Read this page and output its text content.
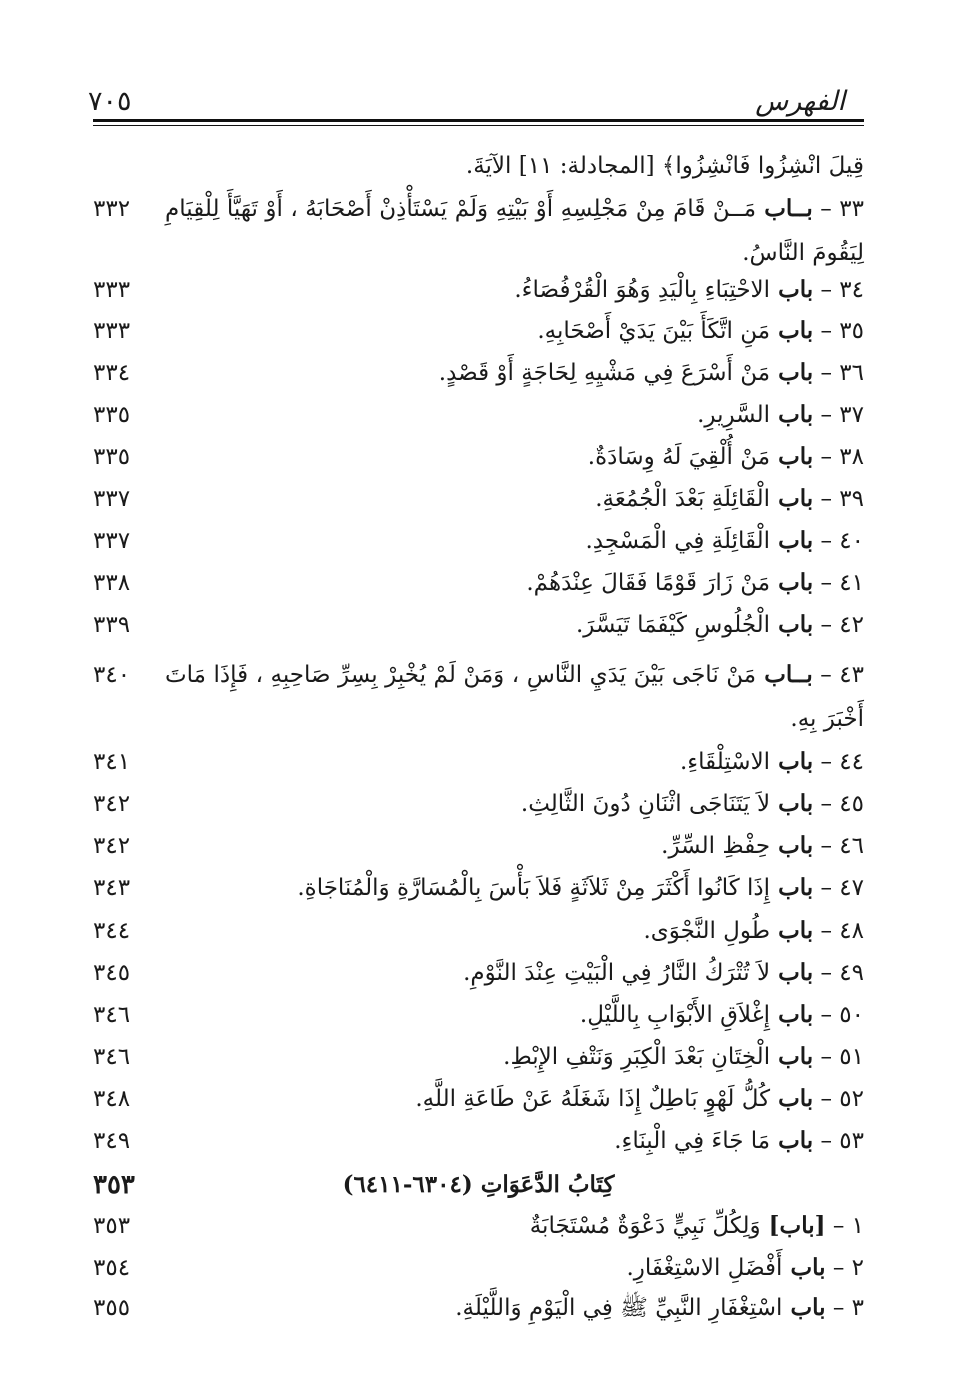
الفهرس
٧٠٥
قِيلَ انْشِزُوا فَانْشِزُوا﴾ [المجادلة: ١١] الآيَةَ.
٣٣ – بــاب مَــنْ قَامَ مِنْ مَجْلِسِهِ أَوْ بَيْتِهِ وَلَمْ يَسْتَأْذِنْ أَصْحَابَهُ ، أَوْ تَهَيَّأَ لِلْقِيَامِ
٣٣٢
لِيَقُومَ النَّاسُ.
٣٤ – باب الاحْتِبَاءِ بِالْيَدِ وَهُوَ الْقُرْفُصَاءُ.
٣٣٣
٣٥ – باب مَنِ اتَّكَأَ بَيْنَ يَدَيْ أَصْحَابِهِ.
٣٣٣
٣٦ – باب مَنْ أَسْرَعَ فِي مَشْيِهِ لِحَاجَةٍ أَوْ قَصْدٍ.
٣٣٤
٣٧ – باب السَّرِيرِ.
٣٣٥
٣٨ – باب مَنْ أُلْقِيَ لَهُ وِسَادَةٌ.
٣٣٥
٣٩ – باب الْقَائِلَةِ بَعْدَ الْجُمُعَةِ.
٣٣٧
٤٠ – باب الْقَائِلَةِ فِي الْمَسْجِدِ.
٣٣٧
٤١ – باب مَنْ زَارَ قَوْمًا فَقَالَ عِنْدَهُمْ.
٣٣٨
٤٢ – باب الْجُلُوسِ كَيْفَمَا تَيَسَّرَ.
٣٣٩
٤٣ – بــاب مَنْ نَاجَى بَيْنَ يَدَيِ النَّاسِ ، وَمَنْ لَمْ يُخْبِرْ بِسِرِّ صَاحِبِهِ ، فَإِذَا مَاتَ
٣٤٠
أَخْبَرَ بِهِ.
٤٤ – باب الاسْتِلْقَاءِ.
٣٤١
٤٥ – باب لاَ يَتَنَاجَى اثْنَانِ دُونَ الثَّالِثِ.
٣٤٢
٤٦ – باب حِفْظِ السِّرِّ.
٣٤٢
٤٧ – باب إِذَا كَانُوا أَكْثَرَ مِنْ ثَلاَثَةٍ فَلاَ بَأْسَ بِالْمُسَارَّةِ وَالْمُنَاجَاةِ.
٣٤٣
٤٨ – باب طُولِ النَّجْوَى.
٣٤٤
٤٩ – باب لاَ تُتْرَكُ النَّارُ فِي الْبَيْتِ عِنْدَ النَّوْمِ.
٣٤٥
٥٠ – باب إِغْلاَقِ الأَبْوَابِ بِاللَّيْلِ.
٣٤٦
٥١ – باب الْخِتَانِ بَعْدَ الْكِبَرِ وَنَتْفِ الإِبْطِ.
٣٤٦
٥٢ – باب كُلُّ لَهْوٍ بَاطِلٌ إِذَا شَغَلَهُ عَنْ طَاعَةِ اللَّهِ.
٣٤٨
٥٣ – باب مَا جَاءَ فِي الْبِنَاءِ.
٣٤٩
كِتَابُ الدَّعَوَاتِ (٦٣٠٤-٦٤١١)
٣٥٣
١ – [باب] وَلِكُلِّ نَبِيٍّ دَعْوَةٌ مُسْتَجَابَةٌ
٣٥٣
٢ – باب أَفْضَلِ الاسْتِغْفَارِ.
٣٥٤
٣ – باب اسْتِغْفَارِ النَّبِيِّ ﷺ فِي الْيَوْمِ وَاللَّيْلَةِ.
٣٥٥
